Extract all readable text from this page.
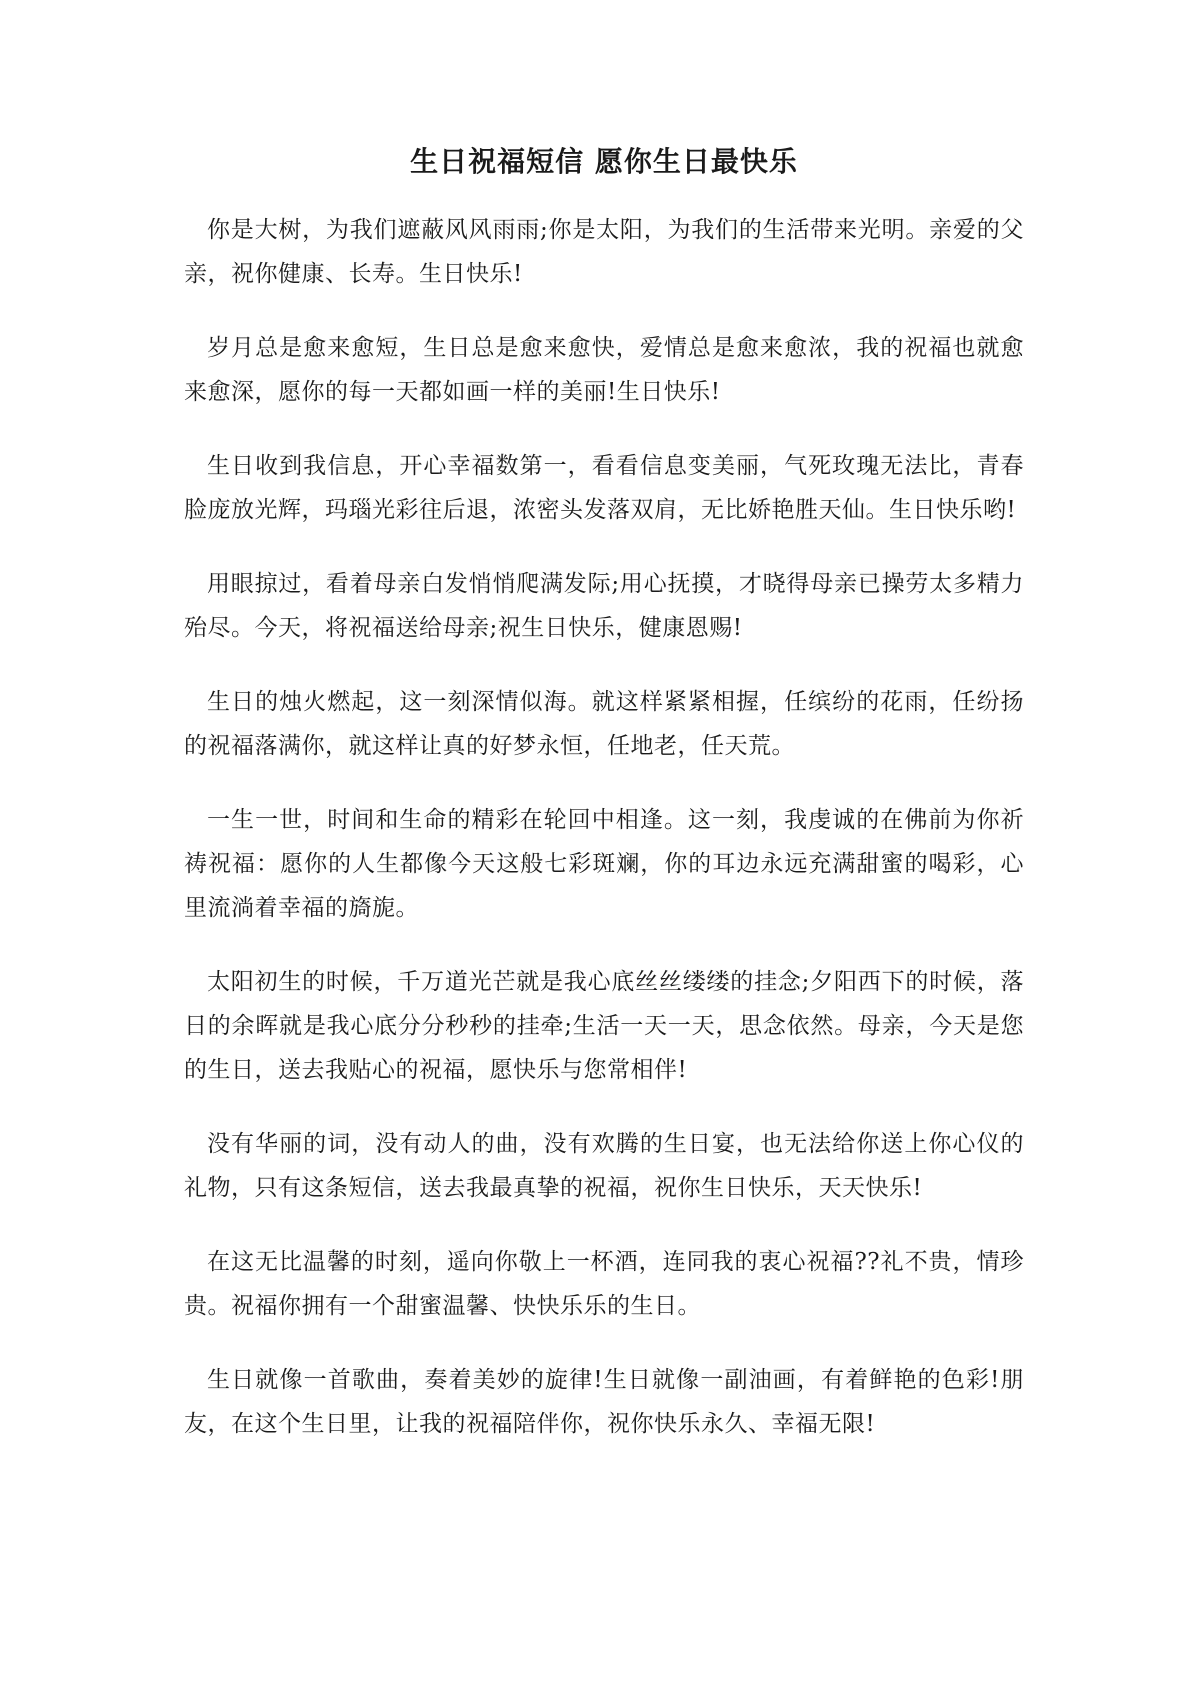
生日祝福短信 愿你生日最快乐

你是大树，为我们遮蔽风风雨雨;你是太阳，为我们的生活带来光明。亲爱的父亲，祝你健康、长寿。生日快乐!

岁月总是愈来愈短，生日总是愈来愈快，爱情总是愈来愈浓，我的祝福也就愈来愈深，愿你的每一天都如画一样的美丽!生日快乐!

生日收到我信息，开心幸福数第一，看看信息变美丽，气死玫瑰无法比，青春脸庞放光辉，玛瑙光彩往后退，浓密头发落双肩，无比娇艳胜天仙。生日快乐哟!

用眼掠过，看着母亲白发悄悄爬满发际;用心抚摸，才晓得母亲已操劳太多精力殆尽。今天，将祝福送给母亲;祝生日快乐，健康恩赐!

生日的烛火燃起，这一刻深情似海。就这样紧紧相握，任缤纷的花雨，任纷扬的祝福落满你，就这样让真的好梦永恒，任地老，任天荒。

一生一世，时间和生命的精彩在轮回中相逢。这一刻，我虔诚的在佛前为你祈祷祝福：愿你的人生都像今天这般七彩斑斓，你的耳边永远充满甜蜜的喝彩，心里流淌着幸福的旖旎。

太阳初生的时候，千万道光芒就是我心底丝丝缕缕的挂念;夕阳西下的时候，落日的余晖就是我心底分分秒秒的挂牵;生活一天一天，思念依然。母亲，今天是您的生日，送去我贴心的祝福，愿快乐与您常相伴!

没有华丽的词，没有动人的曲，没有欢腾的生日宴，也无法给你送上你心仪的礼物，只有这条短信，送去我最真挚的祝福，祝你生日快乐，天天快乐!

在这无比温馨的时刻，遥向你敬上一杯酒，连同我的衷心祝福??礼不贵，情珍贵。祝福你拥有一个甜蜜温馨、快快乐乐的生日。

生日就像一首歌曲，奏着美妙的旋律!生日就像一副油画，有着鲜艳的色彩!朋友，在这个生日里，让我的祝福陪伴你，祝你快乐永久、幸福无限!
